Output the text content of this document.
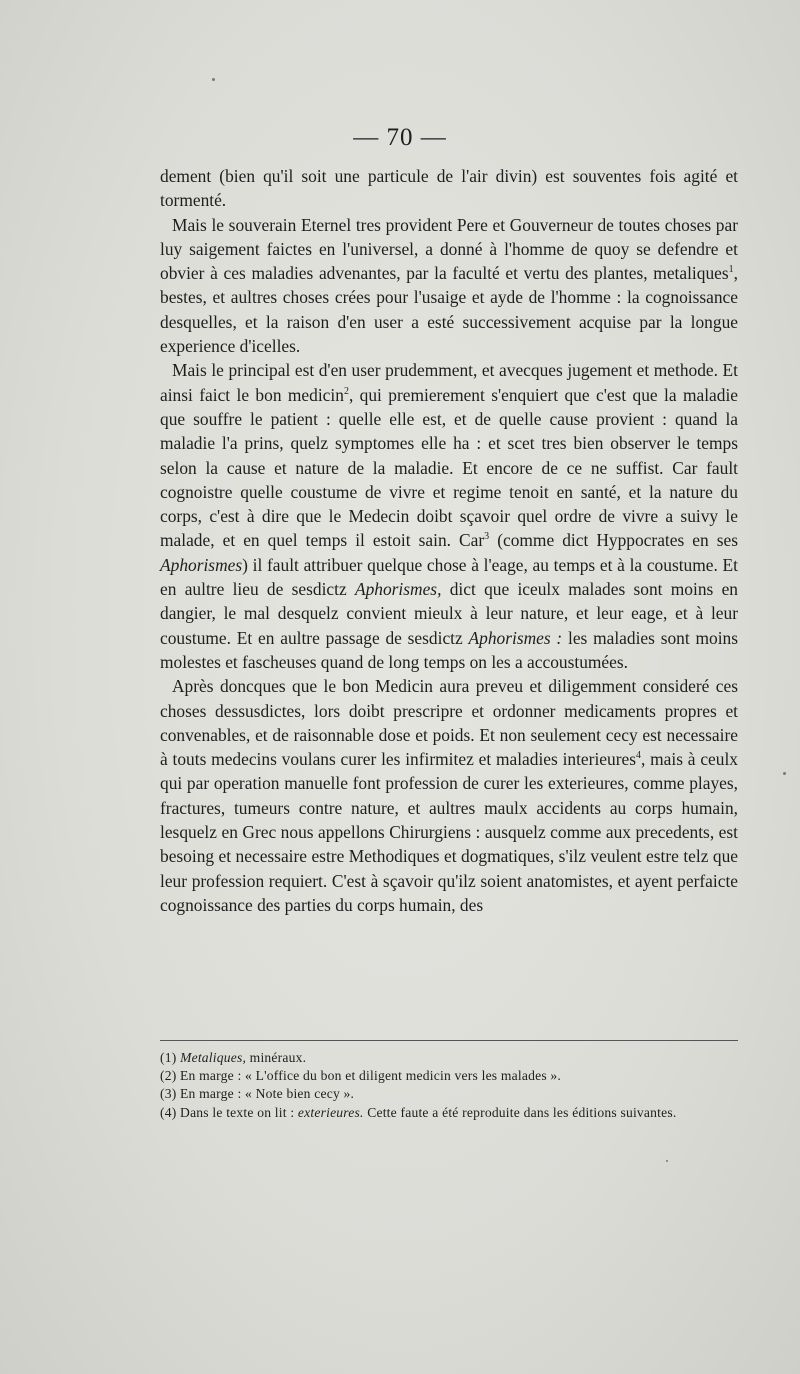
— 70 —

dement (bien qu'il soit une particule de l'air divin) est souventes fois agité et tormenté.

Mais le souverain Eternel tres provident Pere et Gouverneur de toutes choses par luy saigement faictes en l'universel, a donné à l'homme de quoy se defendre et obvier à ces maladies advenantes, par la faculté et vertu des plantes, metaliques$^1$, bestes, et aultres choses crées pour l'usaige et ayde de l'homme : la cognoissance desquelles, et la raison d'en user a esté successivement acquise par la longue experience d'icelles.

Mais le principal est d'en user prudemment, et avecques jugement et methode. Et ainsi faict le bon medicin$^2$, qui premierement s'enquiert que c'est que la maladie que souffre le patient : quelle elle est, et de quelle cause provient : quand la maladie l'a prins, quelz symptomes elle ha : et scet tres bien observer le temps selon la cause et nature de la maladie. Et encore de ce ne suffist. Car fault cognoistre quelle coustume de vivre et regime tenoit en santé, et la nature du corps, c'est à dire que le Medecin doibt sçavoir quel ordre de vivre a suivy le malade, et en quel temps il estoit sain. Car$^3$ (comme dict Hyppocrates en ses Aphorismes) il fault attribuer quelque chose à l'eage, au temps et à la coustume. Et en aultre lieu de sesdictz Aphorismes, dict que iceulx malades sont moins en dangier, le mal desquelz convient mieulx à leur nature, et leur eage, et à leur coustume. Et en aultre passage de sesdictz Aphorismes : les maladies sont moins molestes et fascheuses quand de long temps on les a accoustumées.

Après doncques que le bon Medicin aura preveu et diligemment consideré ces choses dessusdictes, lors doibt prescripre et ordonner medicaments propres et convenables, et de raisonnable dose et poids. Et non seulement cecy est necessaire à touts medecins voulans curer les infirmitez et maladies interieures$^4$, mais à ceulx qui par operation manuelle font profession de curer les exterieures, comme playes, fractures, tumeurs contre nature, et aultres maulx accidents au corps humain, lesquelz en Grec nous appellons Chirurgiens : ausquelz comme aux precedents, est besoing et necessaire estre Methodiques et dogmatiques, s'ilz veulent estre telz que leur profession requiert. C'est à sçavoir qu'ilz soient anatomistes, et ayent perfaicte cognoissance des parties du corps humain, des

(1) Metaliques, minéraux.

(2) En marge : « L'office du bon et diligent medicin vers les malades ».

(3) En marge : « Note bien cecy ».

(4) Dans le texte on lit : exterieures. Cette faute a été reproduite dans les éditions suivantes.
